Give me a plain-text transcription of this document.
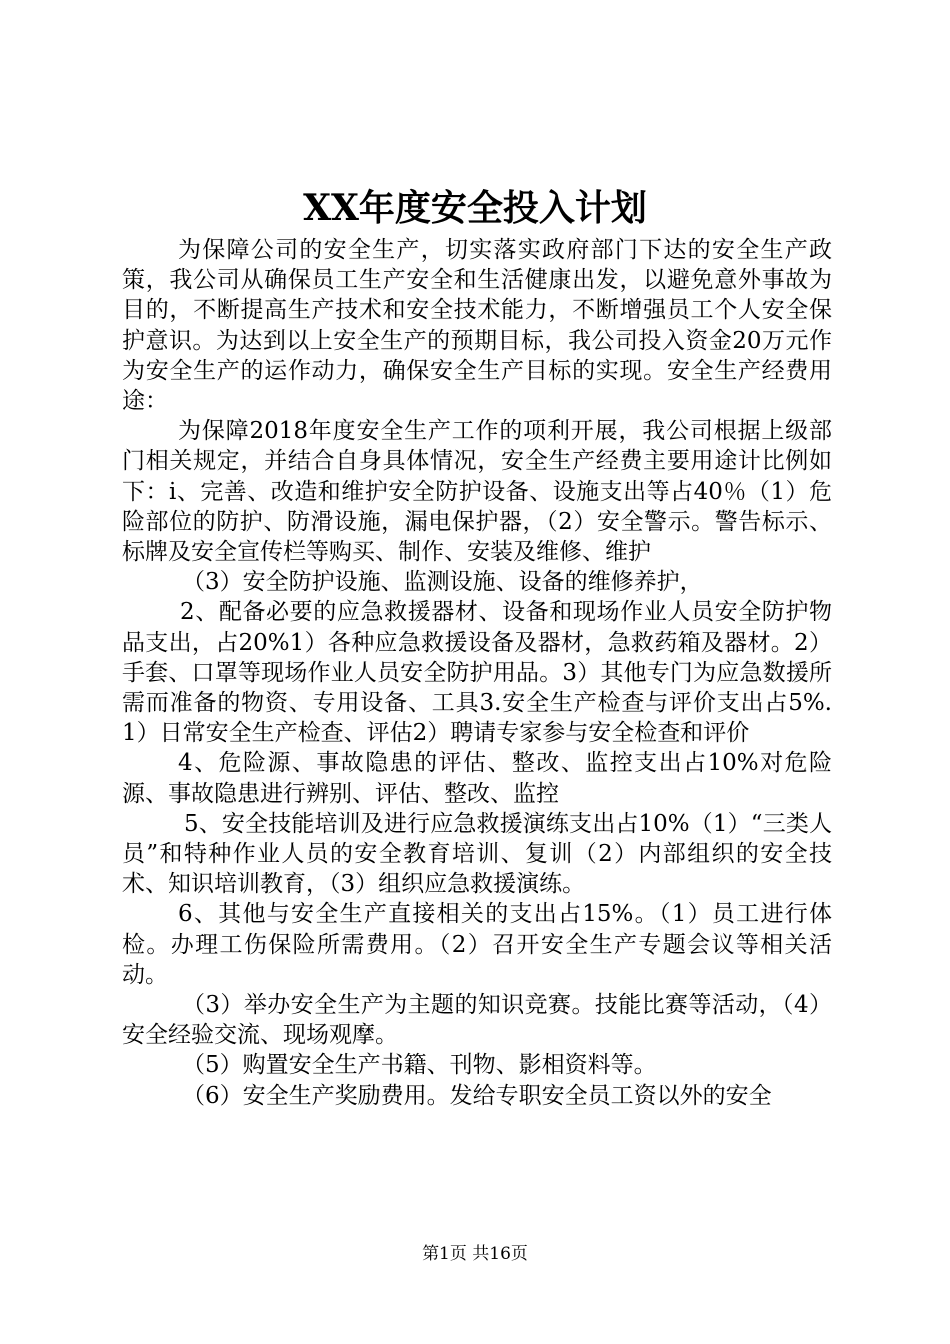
XX年度安全投入计划

为保障公司的安全生产，切实落实政府部门下达的安全生产政策，我公司从确保员工生产安全和生活健康出发，以避免意外事故为目的，不断提高生产技术和安全技术能力，不断增强员工个人安全保护意识。为达到以上安全生产的预期目标，我公司投入资金20万元作为安全生产的运作动力，确保安全生产目标的实现。安全生产经费用途：

为保障2018年度安全生产工作的项利开展，我公司根据上级部门相关规定，并结合自身具体情况，安全生产经费主要用途计比例如下：i、完善、改造和维护安全防护设备、设施支出等占40％（1）危险部位的防护、防滑设施，漏电保护器，（2）安全警示。警告标示、标牌及安全宣传栏等购买、制作、安装及维修、维护

（3）安全防护设施、监测设施、设备的维修养护，

2、配备必要的应急救援器材、设备和现场作业人员安全防护物品支出，占20%1）各种应急救援设备及器材，急救药箱及器材。2）手套、口罩等现场作业人员安全防护用品。3）其他专门为应急数援所需而准备的物资、专用设备、工具3.安全生产检查与评价支出占5%.1）日常安全生产检查、评估2）聘请专家参与安全检查和评价

4、危险源、事故隐患的评估、整改、监控支出占10%对危险源、事故隐患进行辨别、评估、整改、监控

5、安全技能培训及进行应急救援演练支出占10%（1）“三类人员”和特种作业人员的安全教育培训、复训（2）内部组织的安全技术、知识培训教育，（3）组织应急救援演练。

6、其他与安全生产直接相关的支出占15%。（1）员工进行体检。办理工伤保险所需费用。（2）召开安全生产专题会议等相关活动。

（3）举办安全生产为主题的知识竞赛。技能比赛等活动，（4）安全经验交流、现场观摩。

（5）购置安全生产书籍、刊物、影相资料等。

（6）安全生产奖励费用。发给专职安全员工资以外的安全

第1页 共16页
